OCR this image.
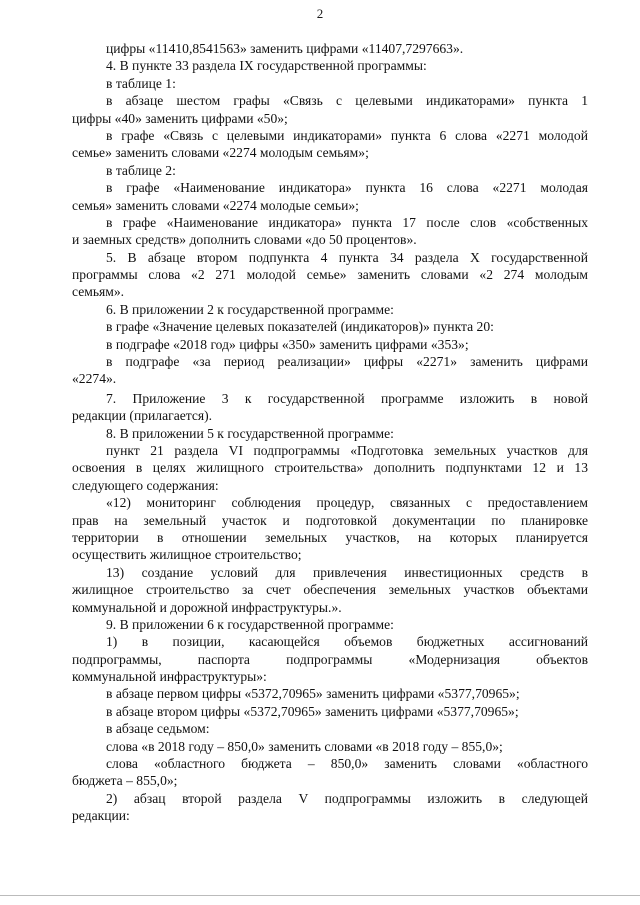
2
цифры «11410,8541563» заменить цифрами «11407,7297663».
4. В пункте 33 раздела IX государственной программы:
в таблице 1:
в абзаце шестом графы «Связь с целевыми индикаторами» пункта 1
цифры «40» заменить цифрами «50»;
в графе «Связь с целевыми индикаторами» пункта 6 слова «2271 молодой
семье» заменить словами «2274 молодым семьям»;
в таблице 2:
в графе «Наименование индикатора» пункта 16 слова «2271 молодая
семья» заменить словами «2274 молодые семьи»;
в графе «Наименование индикатора» пункта 17 после слов «собственных
и заемных средств» дополнить словами «до 50 процентов».
5. В абзаце втором подпункта 4 пункта 34 раздела X государственной
программы слова «2 271 молодой семье» заменить словами «2 274 молодым
семьям».
6. В приложении 2 к государственной программе:
в графе «Значение целевых показателей (индикаторов)» пункта 20:
в подграфе «2018 год» цифры «350» заменить цифрами «353»;
в подграфе «за период реализации» цифры «2271» заменить цифрами
«2274».
7. Приложение 3 к государственной программе изложить в новой
редакции (прилагается).
8. В приложении 5 к государственной программе:
пункт 21 раздела VI подпрограммы «Подготовка земельных участков для
освоения в целях жилищного строительства» дополнить подпунктами 12 и 13
следующего содержания:
«12) мониторинг соблюдения процедур, связанных с предоставлением
прав на земельный участок и подготовкой документации по планировке
территории в отношении земельных участков, на которых планируется
осуществить жилищное строительство;
13) создание условий для привлечения инвестиционных средств в
жилищное строительство за счет обеспечения земельных участков объектами
коммунальной и дорожной инфраструктуры.».
9. В приложении 6 к государственной программе:
1) в позиции, касающейся объемов бюджетных ассигнований
подпрограммы, паспорта подпрограммы «Модернизация объектов
коммунальной инфраструктуры»:
в абзаце первом цифры «5372,70965» заменить цифрами «5377,70965»;
в абзаце втором цифры «5372,70965» заменить цифрами «5377,70965»;
в абзаце седьмом:
слова «в 2018 году – 850,0» заменить словами «в 2018 году – 855,0»;
слова «областного бюджета – 850,0» заменить словами «областного
бюджета – 855,0»;
2) абзац второй раздела V подпрограммы изложить в следующей
редакции:
